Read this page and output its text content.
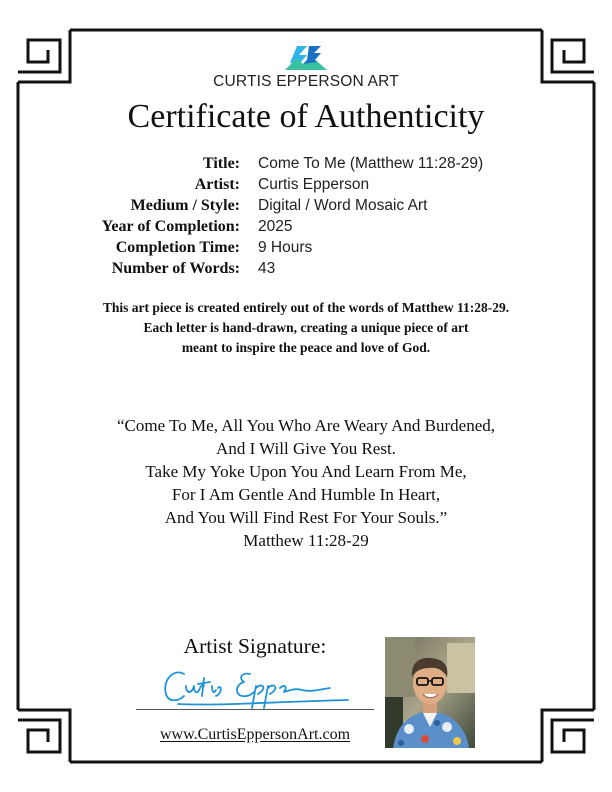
CURTIS EPPERSON ART
Certificate of Authenticity
Title: Come To Me (Matthew 11:28-29)
Artist: Curtis Epperson
Medium / Style: Digital / Word Mosaic Art
Year of Completion: 2025
Completion Time: 9 Hours
Number of Words: 43
This art piece is created entirely out of the words of Matthew 11:28-29.
Each letter is hand-drawn, creating a unique piece of art
meant to inspire the peace and love of God.
“Come To Me, All You Who Are Weary And Burdened,
And I Will Give You Rest.
Take My Yoke Upon You And Learn From Me,
For I Am Gentle And Humble In Heart,
And You Will Find Rest For Your Souls.”
Matthew 11:28-29
Artist Signature:
www.CurtisEppersonArt.com
